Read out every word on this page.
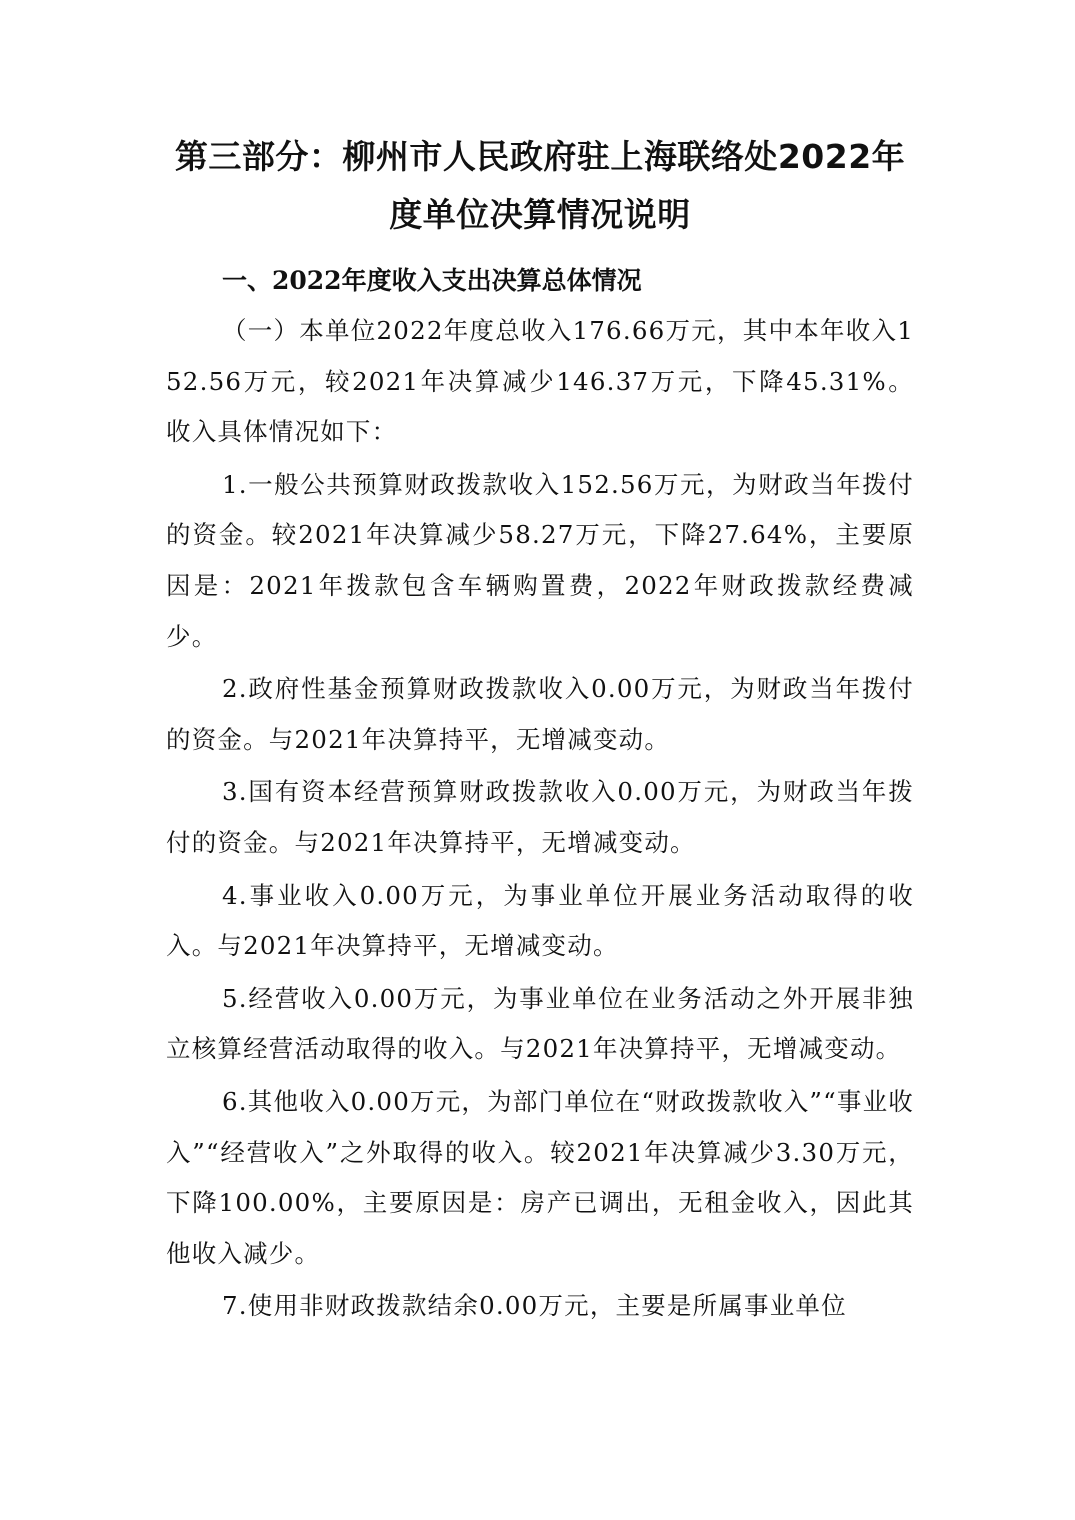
第三部分：柳州市人民政府驻上海联络处2022年度单位决算情况说明
一、2022年度收入支出决算总体情况

（一）本单位2022年度总收入176.66万元，其中本年收入152.56万元，较2021年决算减少146.37万元，下降45.31%。收入具体情况如下：

1.一般公共预算财政拨款收入152.56万元，为财政当年拨付的资金。较2021年决算减少58.27万元，下降27.64%，主要原因是：2021年拨款包含车辆购置费，2022年财政拨款经费减少。

2.政府性基金预算财政拨款收入0.00万元，为财政当年拨付的资金。与2021年决算持平，无增减变动。

3.国有资本经营预算财政拨款收入0.00万元，为财政当年拨付的资金。与2021年决算持平，无增减变动。

4.事业收入0.00万元，为事业单位开展业务活动取得的收入。与2021年决算持平，无增减变动。

5.经营收入0.00万元，为事业单位在业务活动之外开展非独立核算经营活动取得的收入。与2021年决算持平，无增减变动。

6.其他收入0.00万元，为部门单位在“财政拨款收入”“事业收入”“经营收入”之外取得的收入。较2021年决算减少3.30万元，下降100.00%，主要原因是：房产已调出，无租金收入，因此其他收入减少。

7.使用非财政拨款结余0.00万元，主要是所属事业单位
